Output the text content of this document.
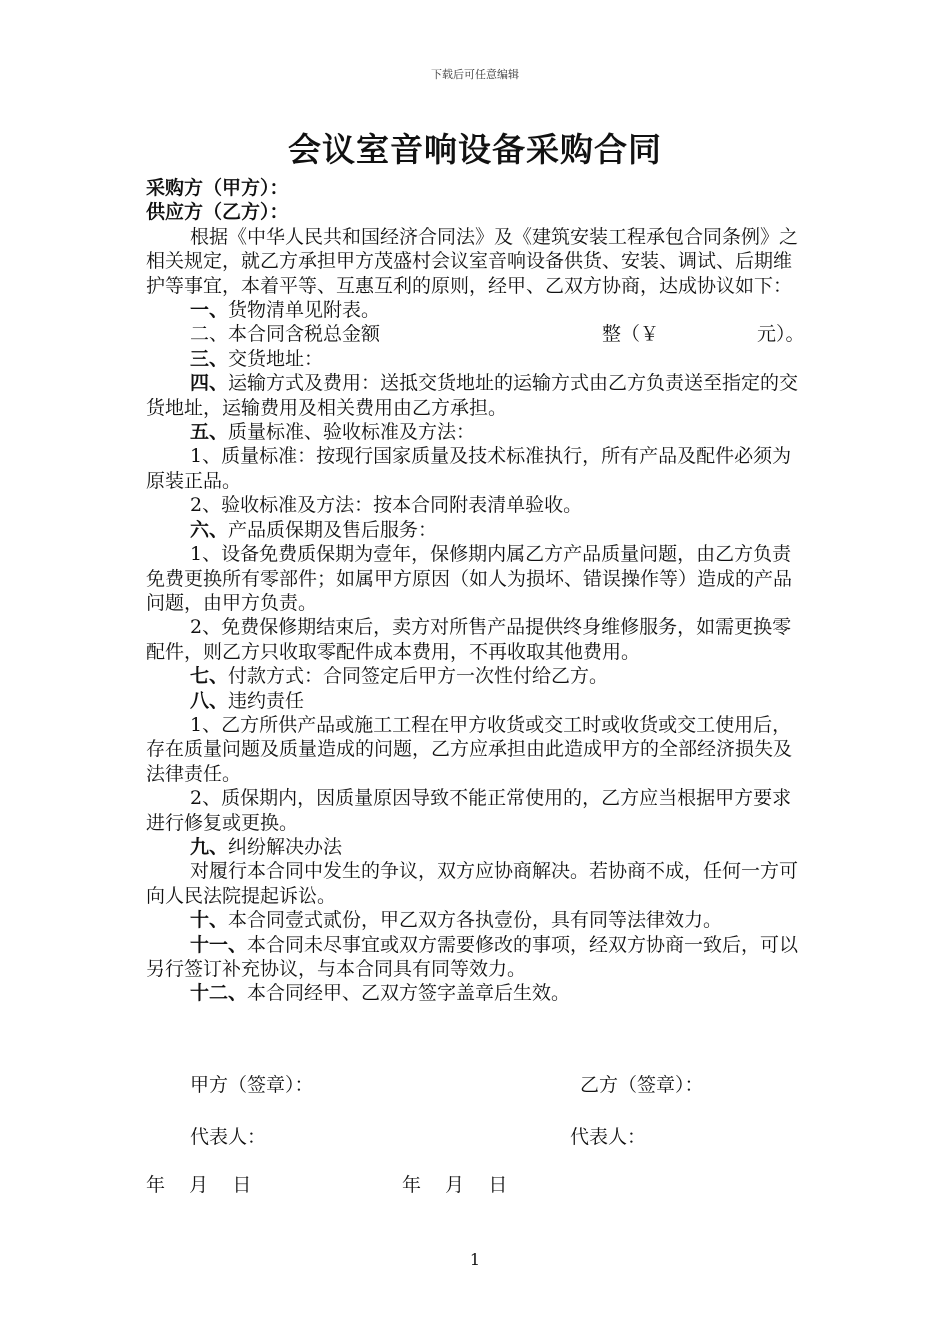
下载后可任意编辑
会议室音响设备采购合同

采购方（甲方）：

供应方（乙方）：

根据《中华人民共和国经济合同法》及《建筑安装工程承包合同条例》之相关规定，就乙方承担甲方茂盛村会议室音响设备供货、安装、调试、后期维护等事宜，本着平等、互惠互利的原则，经甲、乙双方协商，达成协议如下：

一、货物清单见附表。

二、本合同含税总金额	整（￥	元）。

三、交货地址：

四、运输方式及费用：送抵交货地址的运输方式由乙方负责送至指定的交货地址，运输费用及相关费用由乙方承担。

五、质量标准、验收标准及方法：

1、质量标准：按现行国家质量及技术标准执行，所有产品及配件必须为原装正品。

2、验收标准及方法：按本合同附表清单验收。

六、产品质保期及售后服务：

1、设备免费质保期为壹年，保修期内属乙方产品质量问题，由乙方负责免费更换所有零部件；如属甲方原因（如人为损坏、错误操作等）造成的产品问题，由甲方负责。

2、免费保修期结束后，卖方对所售产品提供终身维修服务，如需更换零配件，则乙方只收取零配件成本费用，不再收取其他费用。

七、付款方式：合同签定后甲方一次性付给乙方。

八、违约责任

1、乙方所供产品或施工工程在甲方收货或交工时或收货或交工使用后，存在质量问题及质量造成的问题，乙方应承担由此造成甲方的全部经济损失及法律责任。

2、质保期内，因质量原因导致不能正常使用的，乙方应当根据甲方要求进行修复或更换。

九、纠纷解决办法

对履行本合同中发生的争议，双方应协商解决。若协商不成，任何一方可向人民法院提起诉讼。

十、本合同壹式贰份，甲乙双方各执壹份，具有同等法律效力。

十一、本合同未尽事宜或双方需要修改的事项，经双方协商一致后，可以另行签订补充协议，与本合同具有同等效力。

十二、本合同经甲、乙双方签字盖章后生效。

甲方（签章）：	乙方（签章）：
代表人：	代表人：
年    月    日	年    月    日
1
